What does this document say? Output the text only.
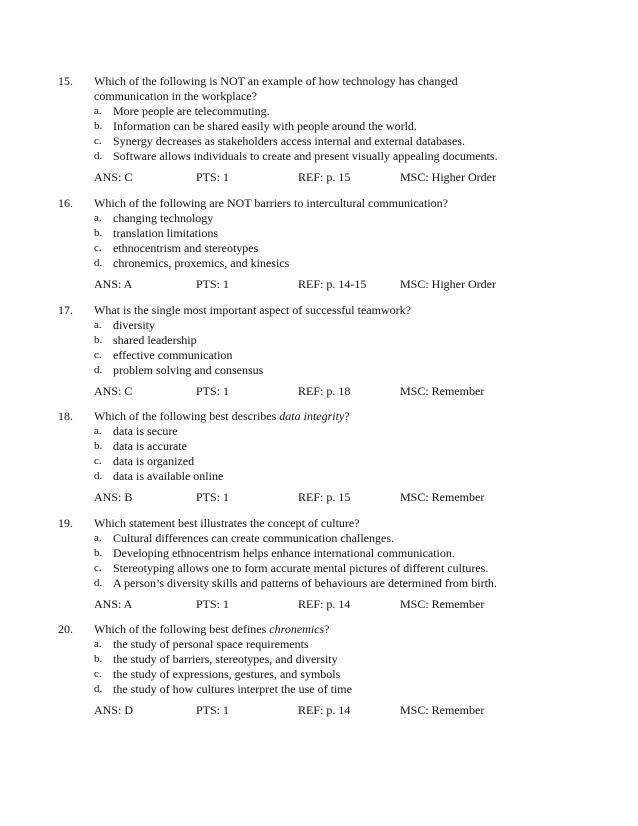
15.	Which of the following is NOT an example of how technology has changed
communication in the workplace?
a. More people are telecommuting.
b. Information can be shared easily with people around the world.
c. Synergy decreases as stakeholders access internal and external databases.
d. Software allows individuals to create and present visually appealing documents.
ANS: C	PTS: 1	REF: p. 15	MSC: Higher Order
16.	Which of the following are NOT barriers to intercultural communication?
a. changing technology
b. translation limitations
c. ethnocentrism and stereotypes
d. chronemics, proxemics, and kinesics
ANS: A	PTS: 1	REF: p. 14-15	MSC: Higher Order
17.	What is the single most important aspect of successful teamwork?
a. diversity
b. shared leadership
c. effective communication
d. problem solving and consensus
ANS: C	PTS: 1	REF: p. 18	MSC: Remember
18.	Which of the following best describes data integrity?
a. data is secure
b. data is accurate
c. data is organized
d. data is available online
ANS: B	PTS: 1	REF: p. 15	MSC: Remember
19.	Which statement best illustrates the concept of culture?
a. Cultural differences can create communication challenges.
b. Developing ethnocentrism helps enhance international communication.
c. Stereotyping allows one to form accurate mental pictures of different cultures.
d. A person’s diversity skills and patterns of behaviours are determined from birth.
ANS: A	PTS: 1	REF: p. 14	MSC: Remember
20.	Which of the following best defines chronemics?
a. the study of personal space requirements
b. the study of barriers, stereotypes, and diversity
c. the study of expressions, gestures, and symbols
d. the study of how cultures interpret the use of time
ANS: D	PTS: 1	REF: p. 14	MSC: Remember
